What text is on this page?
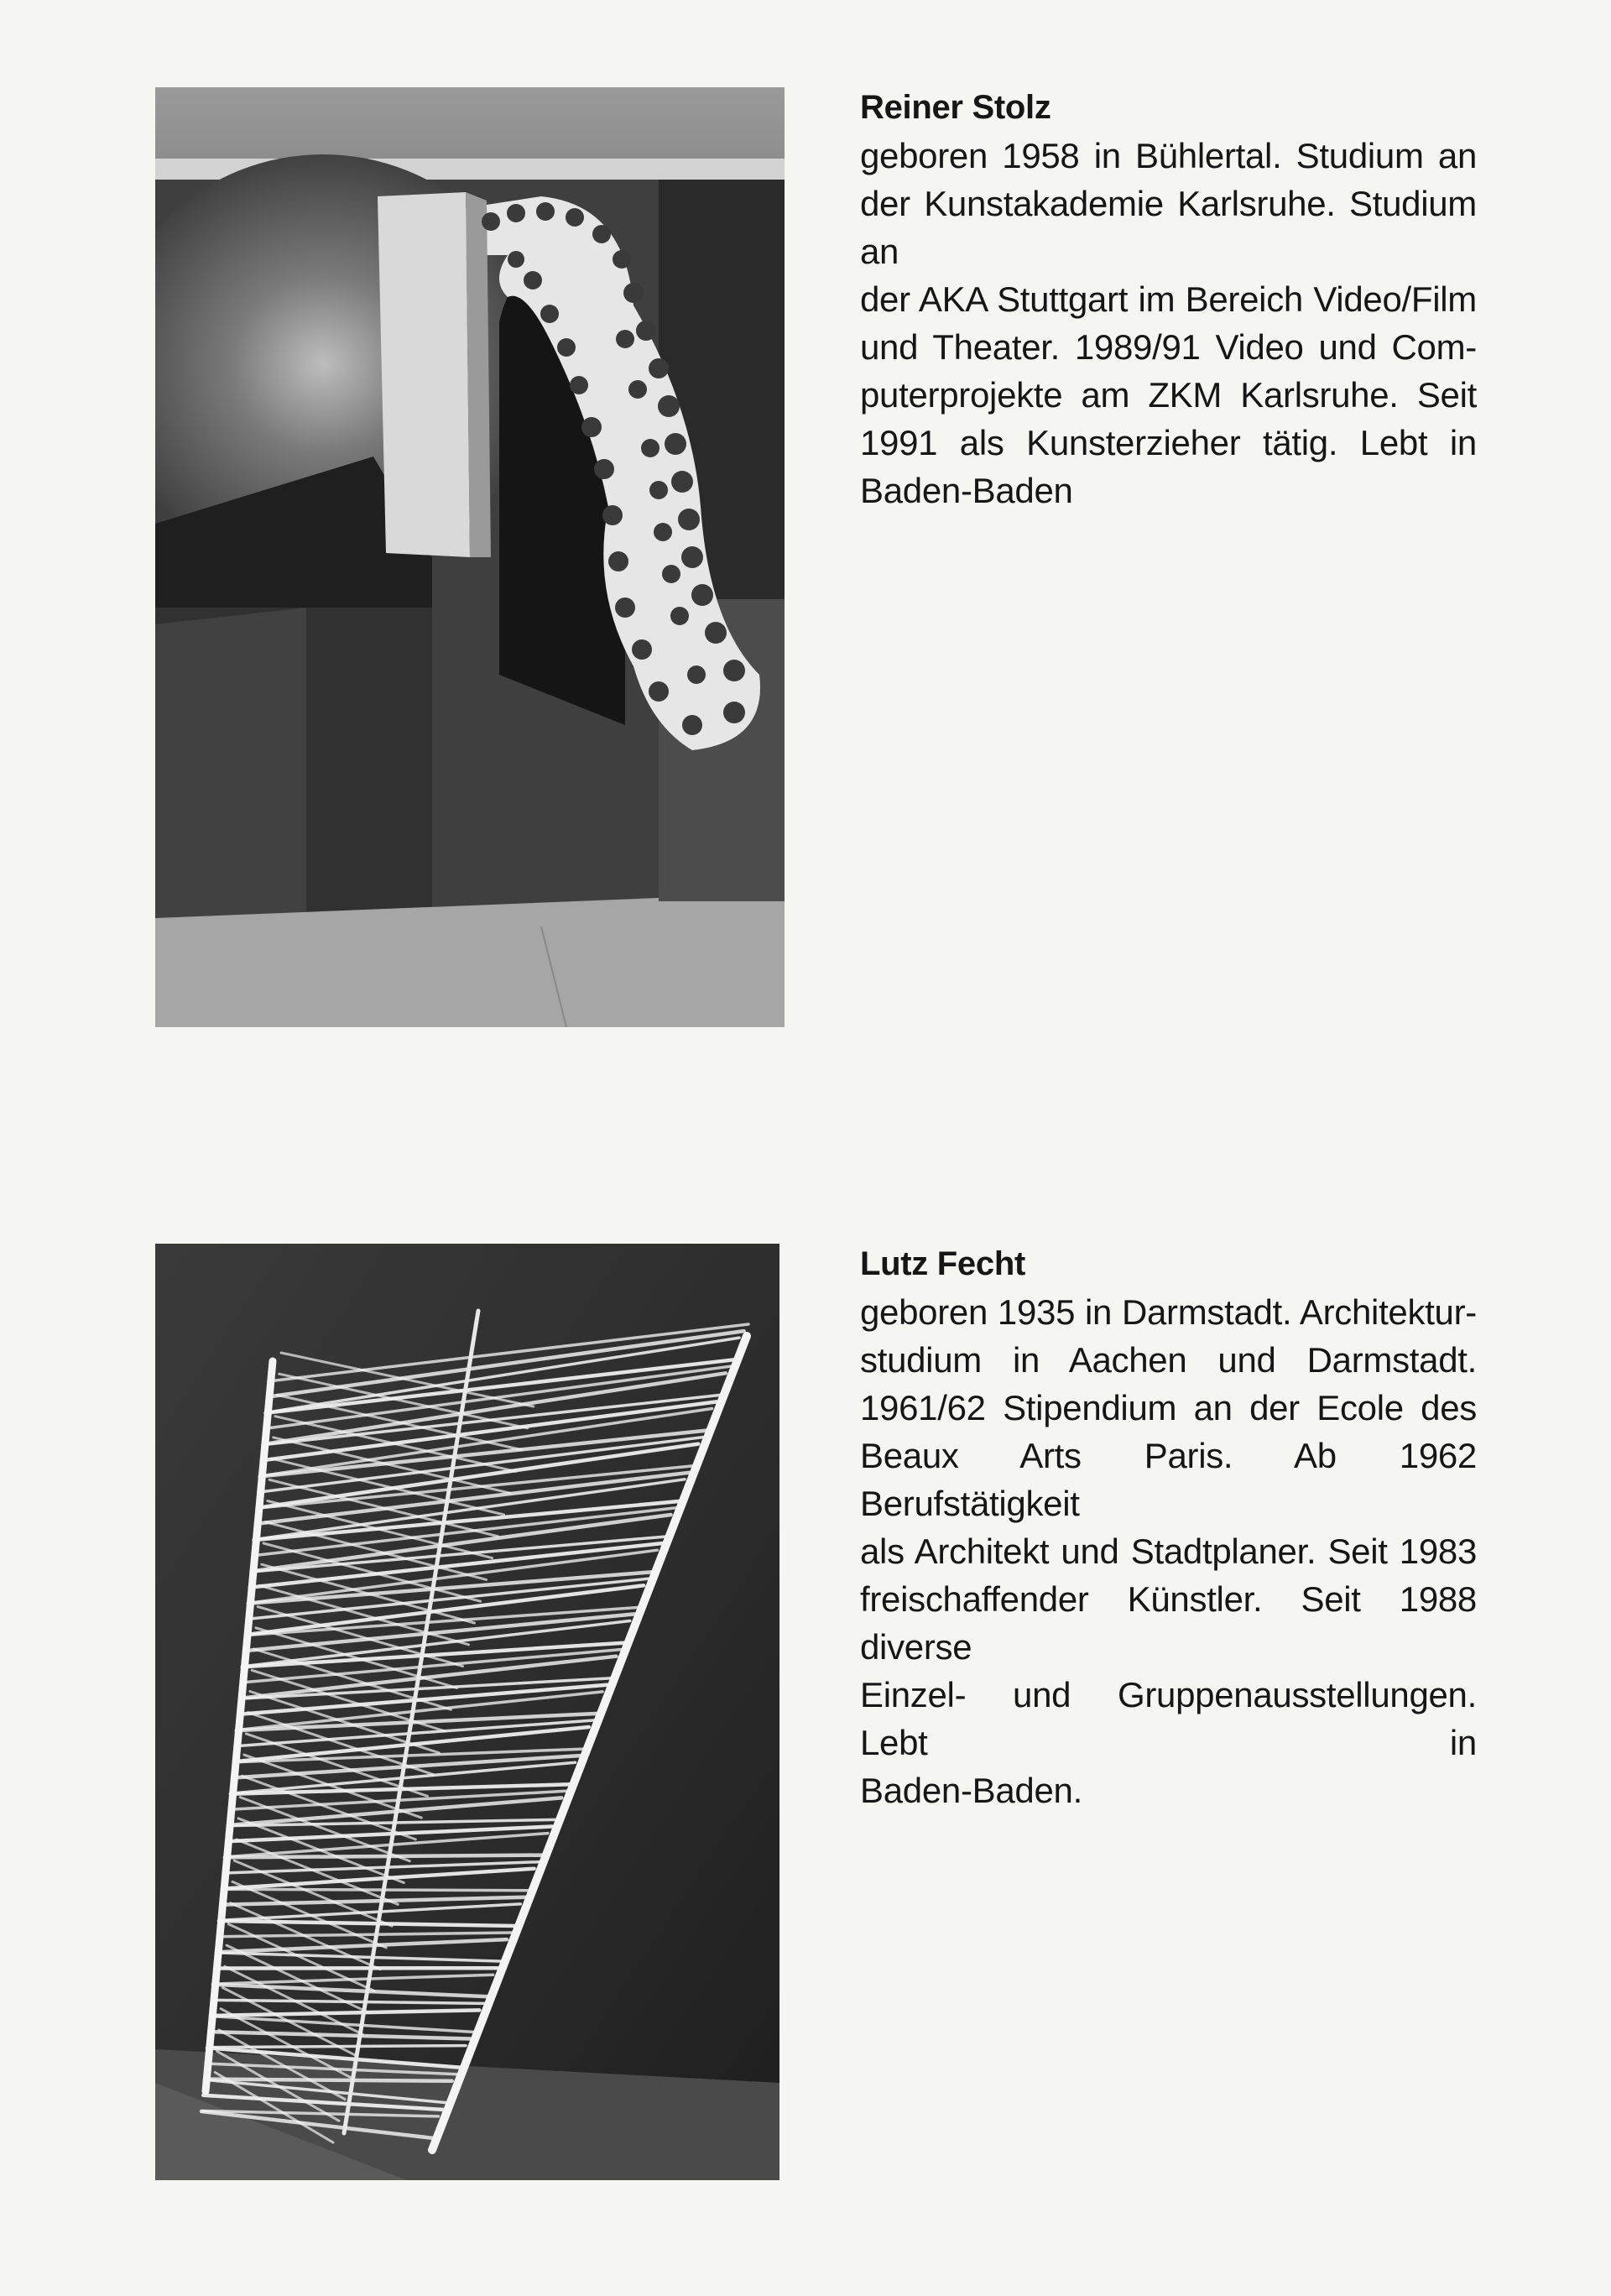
Reiner Stolz

geboren 1958 in Bühlertal. Studium an
der Kunstakademie Karlsruhe. Studium an
der AKA Stuttgart im Bereich Video/Film
und Theater. 1989/91 Video und Com-
puterprojekte am ZKM Karlsruhe. Seit
1991 als Kunsterzieher tätig. Lebt in
Baden-Baden

Lutz Fecht

geboren 1935 in Darmstadt. Architektur-
studium in Aachen und Darmstadt.
1961/62 Stipendium an der Ecole des
Beaux Arts Paris. Ab 1962 Berufstätigkeit
als Architekt und Stadtplaner. Seit 1983
freischaffender Künstler. Seit 1988 diverse
Einzel- und Gruppenausstellungen. Lebt in
Baden-Baden.
